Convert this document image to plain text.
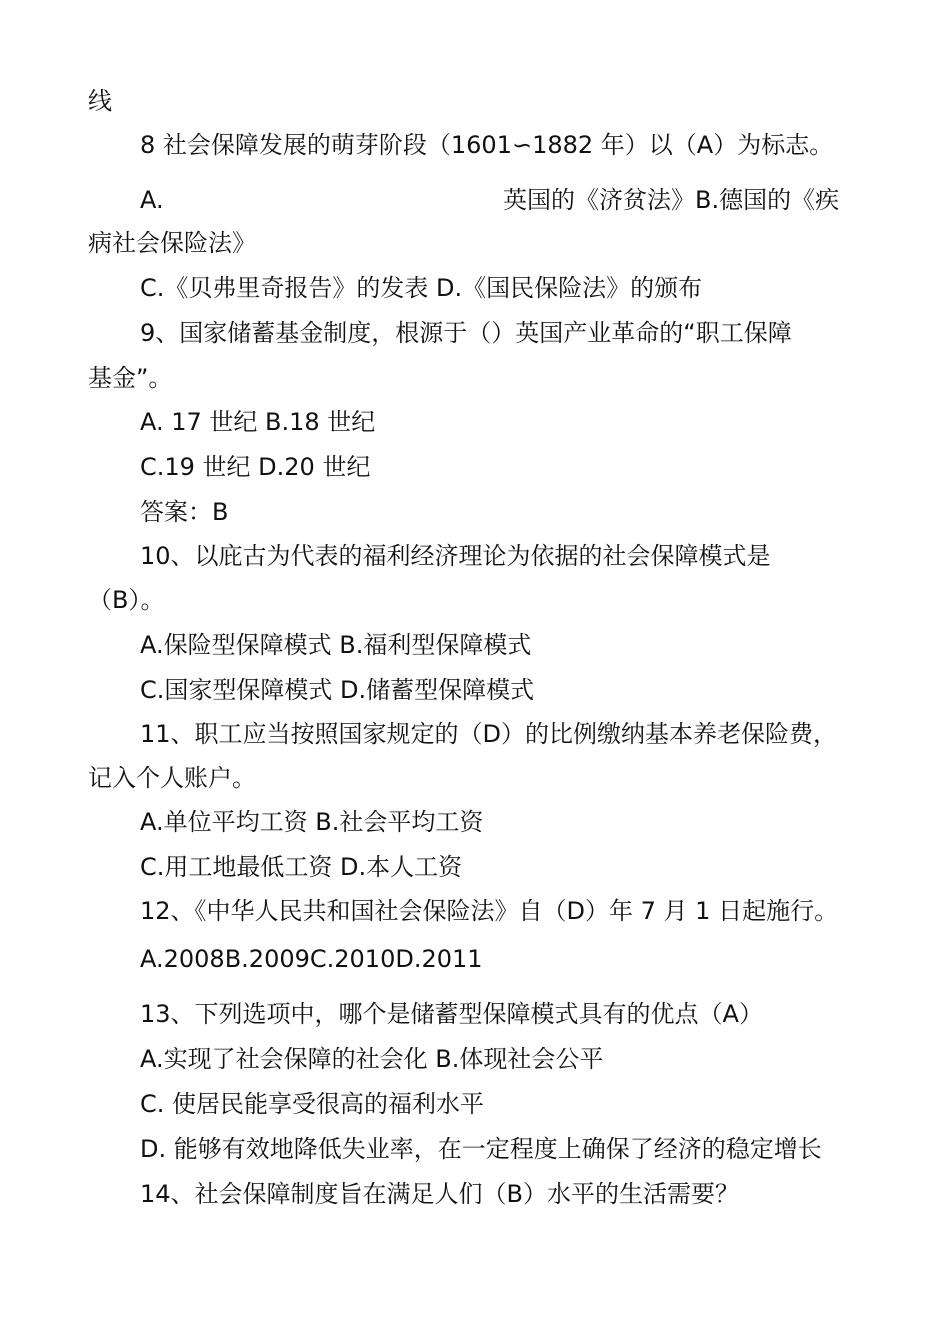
线
8 社会保障发展的萌芽阶段（1601∽1882 年）以（A）为标志。
A.	英国的《济贫法》B.德国的《疾
病社会保险法》
C.《贝弗里奇报告》的发表 D.《国民保险法》的颁布
9、国家储蓄基金制度，根源于（）英国产业革命的“职工保障
基金”。
A. 17 世纪 B.18 世纪
C.19 世纪 D.20 世纪
答案：B
10、以庇古为代表的福利经济理论为依据的社会保障模式是
（B）。
A.保险型保障模式 B.福利型保障模式
C.国家型保障模式 D.储蓄型保障模式
11、职工应当按照国家规定的（D）的比例缴纳基本养老保险费，
记入个人账户。
A.单位平均工资 B.社会平均工资
C.用工地最低工资 D.本人工资
12、《中华人民共和国社会保险法》自（D）年 7 月 1 日起施行。
A.2008B.2009C.2010D.2011
13、下列选项中，哪个是储蓄型保障模式具有的优点（A）
A.实现了社会保障的社会化 B.体现社会公平
C. 使居民能享受很高的福利水平
D. 能够有效地降低失业率，在一定程度上确保了经济的稳定增长
14、社会保障制度旨在满足人们（B）水平的生活需要？
